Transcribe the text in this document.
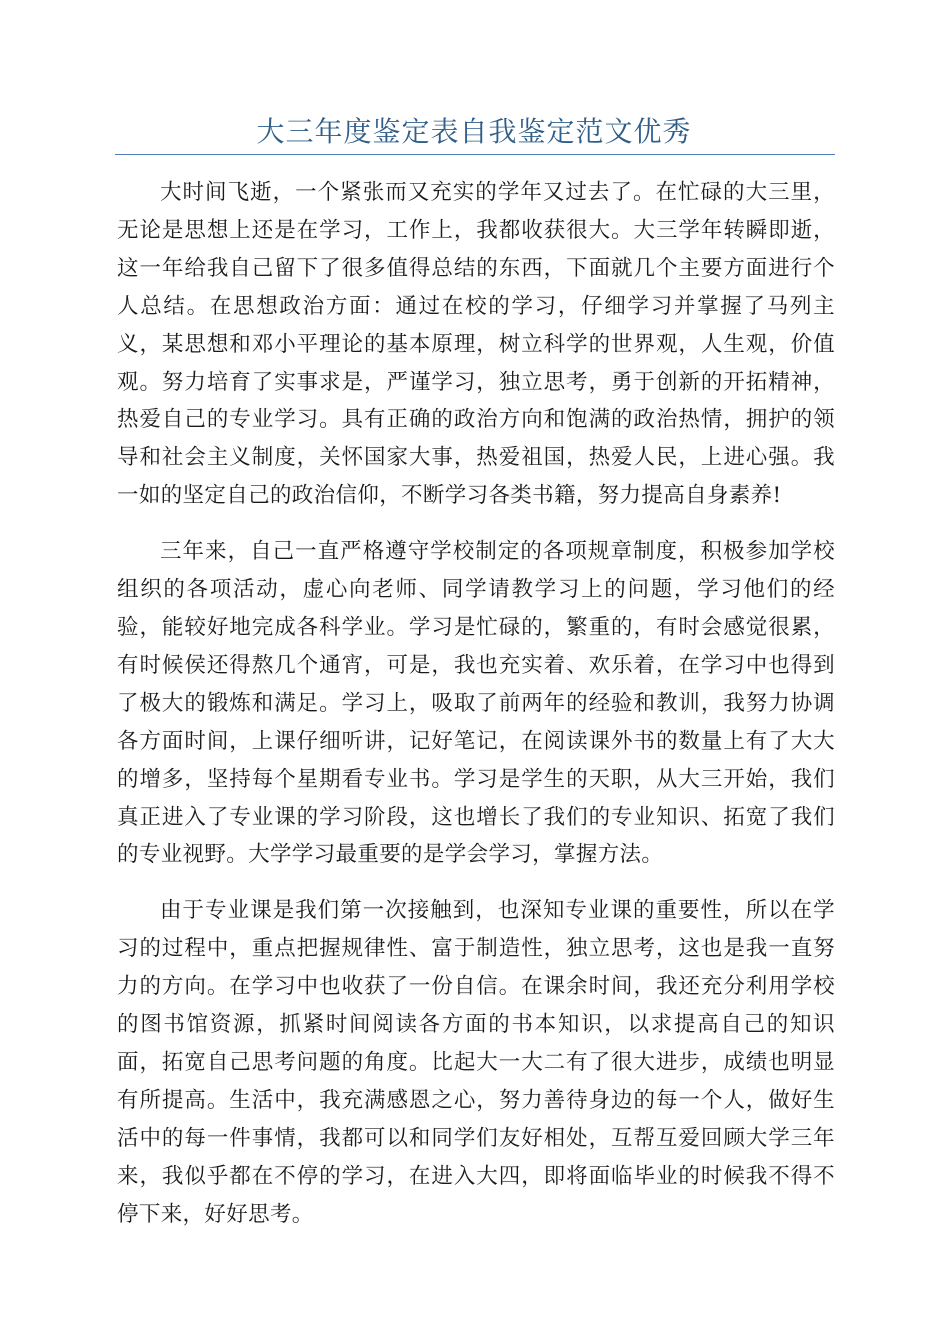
大三年度鉴定表自我鉴定范文优秀

大时间飞逝，一个紧张而又充实的学年又过去了。在忙碌的大三里，无论是思想上还是在学习，工作上，我都收获很大。大三学年转瞬即逝，这一年给我自己留下了很多值得总结的东西，下面就几个主要方面进行个人总结。在思想政治方面：通过在校的学习，仔细学习并掌握了马列主义，某思想和邓小平理论的基本原理，树立科学的世界观，人生观，价值观。努力培育了实事求是，严谨学习，独立思考，勇于创新的开拓精神，热爱自己的专业学习。具有正确的政治方向和饱满的政治热情，拥护的领导和社会主义制度，关怀国家大事，热爱祖国，热爱人民，上进心强。我一如的坚定自己的政治信仰，不断学习各类书籍，努力提高自身素养!

三年来，自己一直严格遵守学校制定的各项规章制度，积极参加学校组织的各项活动，虚心向老师、同学请教学习上的问题，学习他们的经验，能较好地完成各科学业。学习是忙碌的，繁重的，有时会感觉很累，有时候侯还得熬几个通宵，可是，我也充实着、欢乐着，在学习中也得到了极大的锻炼和满足。学习上，吸取了前两年的经验和教训，我努力协调各方面时间，上课仔细听讲，记好笔记，在阅读课外书的数量上有了大大的增多，坚持每个星期看专业书。学习是学生的天职，从大三开始，我们真正进入了专业课的学习阶段，这也增长了我们的专业知识、拓宽了我们的专业视野。大学学习最重要的是学会学习，掌握方法。

由于专业课是我们第一次接触到，也深知专业课的重要性，所以在学习的过程中，重点把握规律性、富于制造性，独立思考，这也是我一直努力的方向。在学习中也收获了一份自信。在课余时间，我还充分利用学校的图书馆资源，抓紧时间阅读各方面的书本知识，以求提高自己的知识面，拓宽自己思考问题的角度。比起大一大二有了很大进步，成绩也明显有所提高。生活中，我充满感恩之心，努力善待身边的每一个人，做好生活中的每一件事情，我都可以和同学们友好相处，互帮互爱回顾大学三年来，我似乎都在不停的学习，在进入大四，即将面临毕业的时候我不得不停下来，好好思考。
